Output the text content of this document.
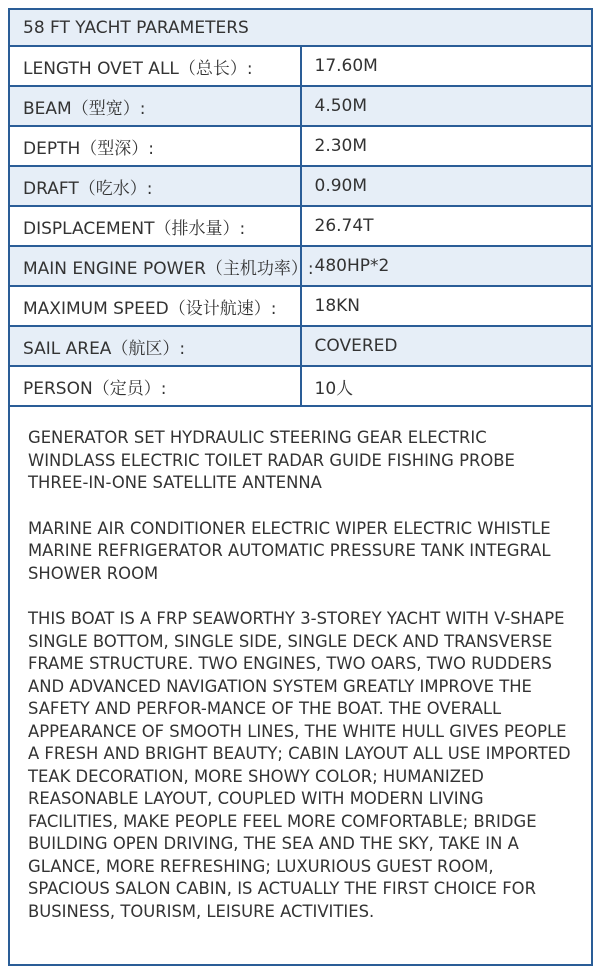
58 FT YACHT PARAMETERS	
LENGTH OVET ALL（总长）:	17.60M
BEAM（型宽）:	4.50M
DEPTH（型深）:	2.30M
DRAFT（吃水）:	0.90M
DISPLACEMENT（排水量）:	26.74T
MAIN ENGINE POWER（主机功率）:	480HP*2
MAXIMUM SPEED（设计航速）:	18KN
SAIL AREA（航区）:	COVERED
PERSON（定员）:	10人

GENERATOR SET HYDRAULIC STEERING GEAR ELECTRIC WINDLASS ELECTRIC TOILET RADAR GUIDE FISHING PROBE THREE-IN-ONE SATELLITE ANTENNA

MARINE AIR CONDITIONER ELECTRIC WIPER ELECTRIC WHISTLE MARINE REFRIGERATOR AUTOMATIC PRESSURE TANK INTEGRAL SHOWER ROOM

THIS BOAT IS A FRP SEAWORTHY 3-STOREY YACHT WITH V-SHAPE SINGLE BOTTOM, SINGLE SIDE, SINGLE DECK AND TRANSVERSE FRAME STRUCTURE. TWO ENGINES, TWO OARS, TWO RUDDERS AND ADVANCED NAVIGATION SYSTEM GREATLY IMPROVE THE SAFETY AND PERFOR-MANCE OF THE BOAT. THE OVERALL APPEARANCE OF SMOOTH LINES, THE WHITE HULL GIVES PEOPLE A FRESH AND BRIGHT BEAUTY; CABIN LAYOUT ALL USE IMPORTED TEAK DECORATION, MORE SHOWY COLOR; HUMANIZED REASONABLE LAYOUT, COUPLED WITH MODERN LIVING FACILITIES, MAKE PEOPLE FEEL MORE COMFORTABLE; BRIDGE BUILDING OPEN DRIVING, THE SEA AND THE SKY, TAKE IN A GLANCE, MORE REFRESHING; LUXURIOUS GUEST ROOM, SPACIOUS SALON CABIN, IS ACTUALLY THE FIRST CHOICE FOR BUSINESS, TOURISM, LEISURE ACTIVITIES.
